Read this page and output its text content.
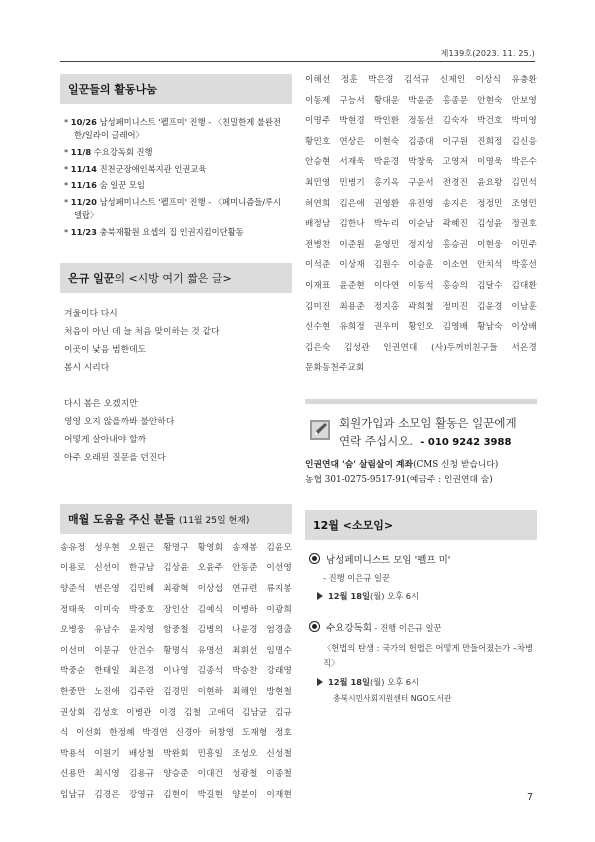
제139호(2023. 11. 25.)
일꾼들의 활동나눔
* 10/26 남성페미니스트 '펠프미' 진행 - 〈친밀한게 불완전 한/일라이 글레어〉
* 11/8 수요강독회 진행
* 11/14 진천군장애인복지관 인권교육
* 11/16 숨 일꾼 모임
* 11/20 남성페미니스트 '펠프미' 진행 - 〈페미니즘들/루시 델랍〉
* 11/23 충북재활원 요셉의 집 인권지킴이단활동
은규 일꾼의 <시방 여기 짧은 글>
겨울이다 다시
처음이 아닌 데 늘 처음 맞이하는 것 같다
이곳이 낯음 범한데도
봄시 시리다
다시 봄은 오겠지만
영영 오지 않을까봐 불안하다
어떻게 살아내야 할까
아주 오래된 질문을 던진다
매월 도움을 주신 분들 (11월 25일 현재)
송유정 성우현 오원근 황명구 황영회 송재봉 김윤모
이용로 신선이 한규남 김상윤 오윤주 안동준 이선영
양준석 변은영 김민혜 최광혁 이상섭 연규련 류지봉
정태욱 이미숙 박중호 장인산 김예식 이병하 이광희
오병웅 유남수 윤지영 함중철 김병의 나윤경 엄경출
이선미 이문규 안건수 황명식 유명선 최휘선 임명수
박중순 한태일 최은경 이나영 김종석 박승찬 강래영
한중만 노진애 김주란 김경민 이현하 최해인 방현철
권상회 김성호 이병관 이경 김철 고애덕 김남균 김규
식 이선회 한정혜 박경연 신경아 허창영 도재형 정호
박용석 이원기 배상철 박완회 민흥일 조성오 신성철
신용만 최시영 김용규 양승준 이대건 성광철 이종철
임남규 김경은 강영규 김현이 박길현 양분이 이재현
이해선 정훈 박은경 김석규 신제인 이상식 유충환
이동제 구능서 황대운 박윤준 홍종문 안현숙 안보영
이명주 박현경 박인환 정동선 김숙자 박건호 박미영
황민호 연상은 이현숙 김종대 이구원 진희정 김신응
안승현 서재욱 박윤경 박창욱 고영저 이명욱 박은수
최민영 민병기 홍기옥 구운서 전경진 윤요왕 김민석
허연희 김은애 권영환 유진영 송지은 정정민 조영민
배정남 김한나 박누리 이순남 곽혜진 김성윤 정권호
전병찬 이준원 윤영민 정지성 홍승권 이현웅 이민주
이석준 이상재 김원수 이승훈 이소연 안치석 박홍선
이재표 윤준현 이다연 이동석 홍승의 김달수 김대환
김미진 최용준 정지홍 곽희철 정미진 김윤경 이남훈
신수현 유희정 권우미 황인오 김영배 황남숙 이상배
김은숙 김성관 인권연대 (사)두꺼비친구들 서온경
문화동천주교회
회원가입과 소모임 활동은 일꾼에게
연락 주십시오. - 010 9242 3988
인권연대 '숨' 살림살이 계좌(CMS 신청 받습니다)
농협 301-0275-9517-91(예금주 : 인권연대 숨)
12월 <소모임>
남성페미니스트 모임 '펠프 미'
- 진행 이은규 일꾼
12월 18일(월) 오후 6시
수요강독회 - 진행 이은규 일꾼
〈헌법의 탄생 : 국가의 헌법은 어떻게 만들어졌는가 –차병직〉
12월 18일(월) 오후 6시
충북시민사회지원센터 NGO도서관
7
